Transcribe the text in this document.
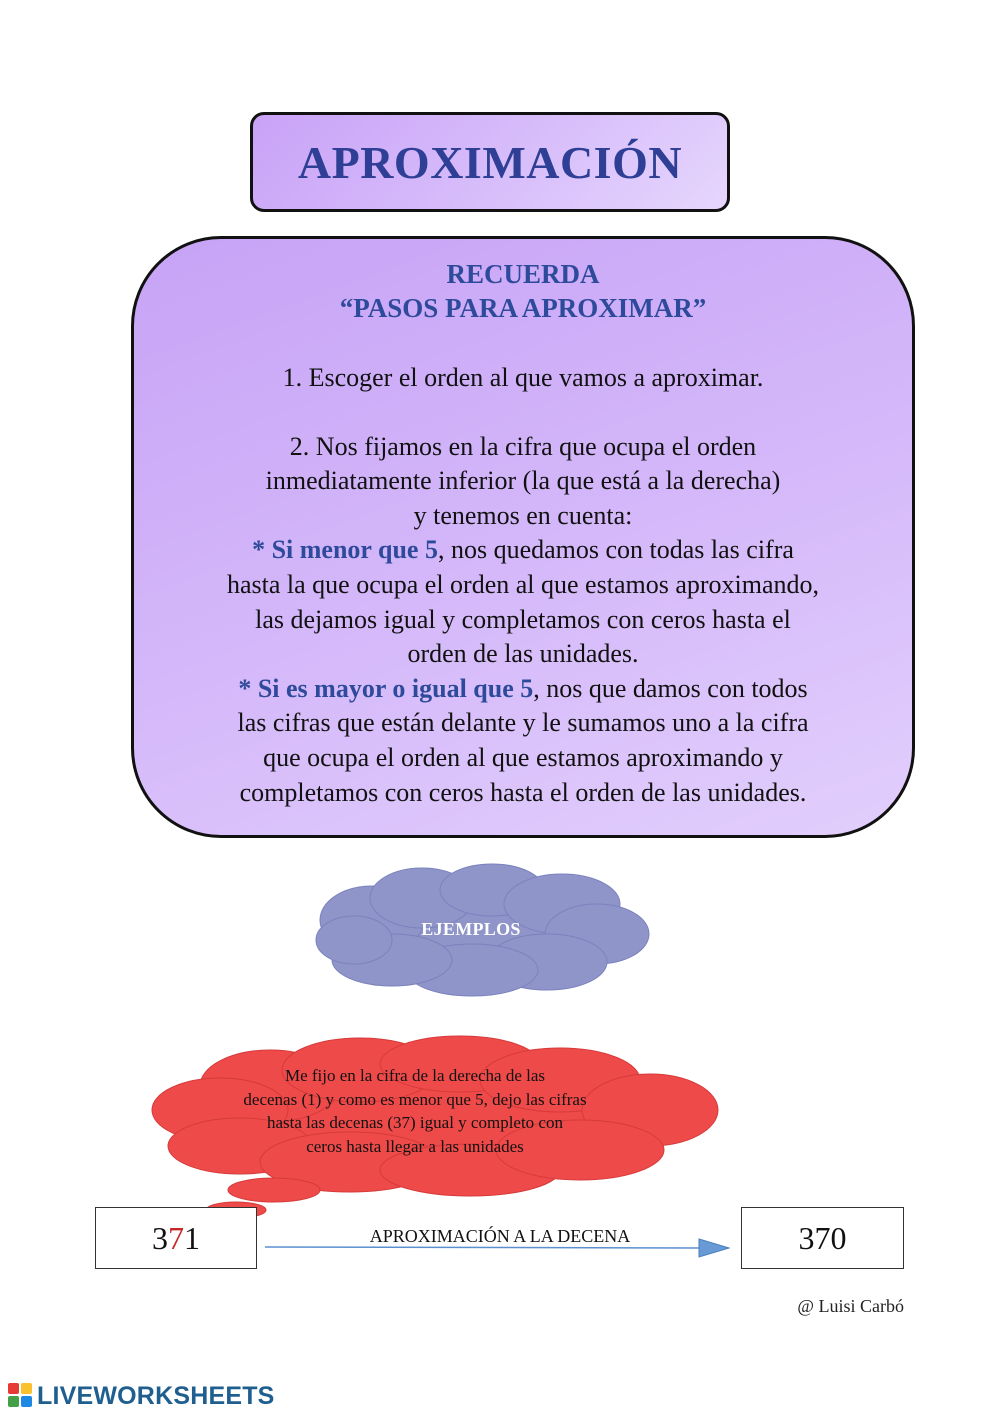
APROXIMACIÓN
RECUERDA
“PASOS PARA APROXIMAR”
1. Escoger el orden al que vamos a aproximar.
2. Nos fijamos en la cifra que ocupa el orden
inmediatamente inferior (la que está a la derecha)
y tenemos en cuenta:
* Si menor que 5, nos quedamos con todas las cifra
hasta la que ocupa el orden al que estamos aproximando,
las dejamos igual y completamos con ceros hasta el
orden de las unidades.
* Si es mayor o igual que 5, nos que damos con todos
las cifras que están delante y le sumamos uno a la cifra
que ocupa el orden al que estamos aproximando y
completamos con ceros hasta el orden de las unidades.
EJEMPLOS
Me fijo en la cifra de la derecha de las
decenas (1) y como es menor que 5, dejo las cifras
hasta las decenas (37) igual y completo con
ceros hasta llegar a las unidades
3 7 1	APROXIMACIÓN A LA DECENA	370
@ Luisi Carbó
LIVEWORKSHEETS
